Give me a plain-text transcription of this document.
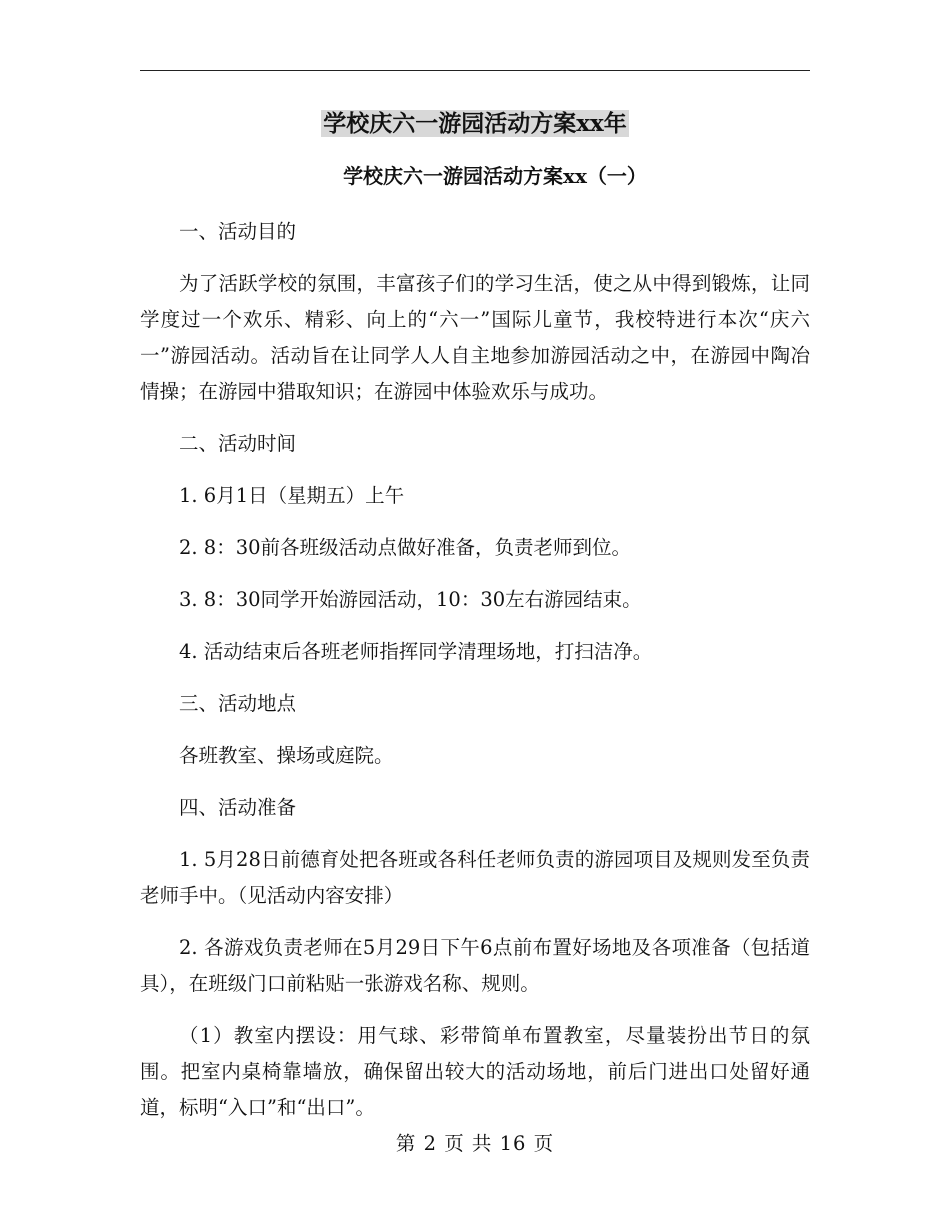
学校庆六一游园活动方案xx年
学校庆六一游园活动方案xx（一）

一、活动目的

为了活跃学校的氛围，丰富孩子们的学习生活，使之从中得到锻炼，让同学度过一个欢乐、精彩、向上的“六一”国际儿童节，我校特进行本次“庆六一”游园活动。活动旨在让同学人人自主地参加游园活动之中，在游园中陶冶情操；在游园中猎取知识；在游园中体验欢乐与成功。

二、活动时间

1. 6月1日（星期五）上午

2. 8：30前各班级活动点做好准备，负责老师到位。

3. 8：30同学开始游园活动，10：30左右游园结束。

4. 活动结束后各班老师指挥同学清理场地，打扫洁净。

三、活动地点

各班教室、操场或庭院。

四、活动准备

1. 5月28日前德育处把各班或各科任老师负责的游园项目及规则发至负责老师手中。（见活动内容安排）

2. 各游戏负责老师在5月29日下午6点前布置好场地及各项准备（包括道具），在班级门口前粘贴一张游戏名称、规则。

（1）教室内摆设：用气球、彩带简单布置教室，尽量装扮出节日的氛围。把室内桌椅靠墙放，确保留出较大的活动场地，前后门进出口处留好通道，标明“入口”和“出口”。

第 2 页 共 16 页
